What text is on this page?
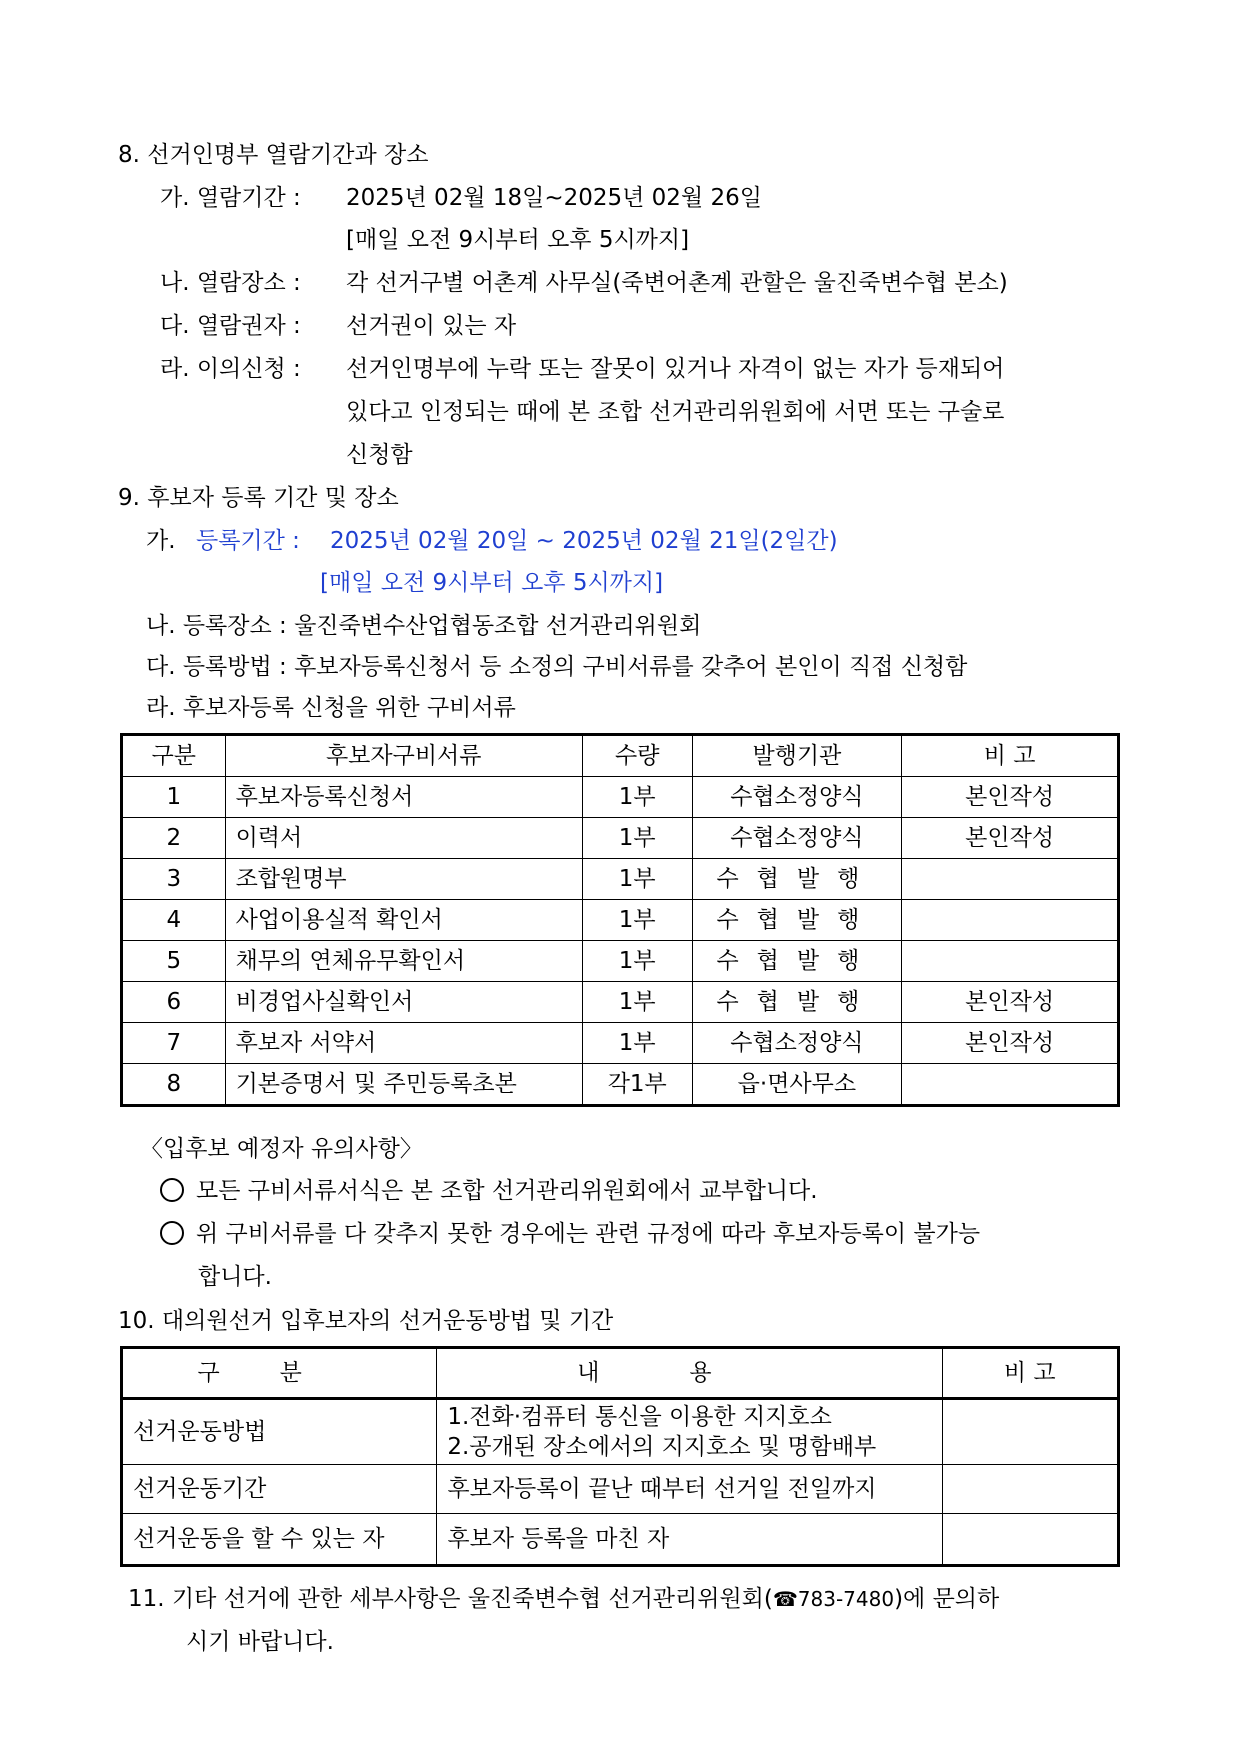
8. 선거인명부 열람기간과 장소
가. 열람기간 : 2025년 02월 18일~2025년 02월 26일
[매일 오전 9시부터 오후 5시까지]
나. 열람장소 : 각 선거구별 어촌계 사무실(죽변어촌계 관할은 울진죽변수협 본소)
다. 열람권자 : 선거권이 있는 자
라. 이의신청 : 선거인명부에 누락 또는 잘못이 있거나 자격이 없는 자가 등재되어
있다고 인정되는 때에 본 조합 선거관리위원회에 서면 또는 구술로
신청함
9. 후보자 등록 기간 및 장소
가. 등록기간 : 2025년 02월 20일 ~ 2025년 02월 21일(2일간)
[매일 오전 9시부터 오후 5시까지]
나. 등록장소 : 울진죽변수산업협동조합 선거관리위원회
다. 등록방법 : 후보자등록신청서 등 소정의 구비서류를 갖추어 본인이 직접 신청함
라. 후보자등록 신청을 위한 구비서류
구분	후보자구비서류	수량	발행기관	비 고
1	후보자등록신청서	1부	수협소정양식	본인작성
2	이력서	1부	수협소정양식	본인작성
3	조합원명부	1부	수협발행	
4	사업이용실적 확인서	1부	수협발행	
5	채무의 연체유무확인서	1부	수협발행	
6	비경업사실확인서	1부	수협발행	본인작성
7	후보자 서약서	1부	수협소정양식	본인작성
8	기본증명서 및 주민등록초본	각1부	읍·면사무소	
〈입후보 예정자 유의사항〉
모든 구비서류서식은 본 조합 선거관리위원회에서 교부합니다.
위 구비서류를 다 갖추지 못한 경우에는 관련 규정에 따라 후보자등록이 불가능
합니다.
10. 대의원선거 입후보자의 선거운동방법 및 기간
구분	내용	비 고
선거운동방법	1.전화·컴퓨터 통신을 이용한 지지호소
2.공개된 장소에서의 지지호소 및 명함배부	

선거운동기간	후보자등록이 끝난 때부터 선거일 전일까지	
선거운동을 할 수 있는 자	후보자 등록을 마친 자	
11. 기타 선거에 관한 세부사항은 울진죽변수협 선거관리위원회(☎783-7480)에 문의하
시기 바랍니다.
